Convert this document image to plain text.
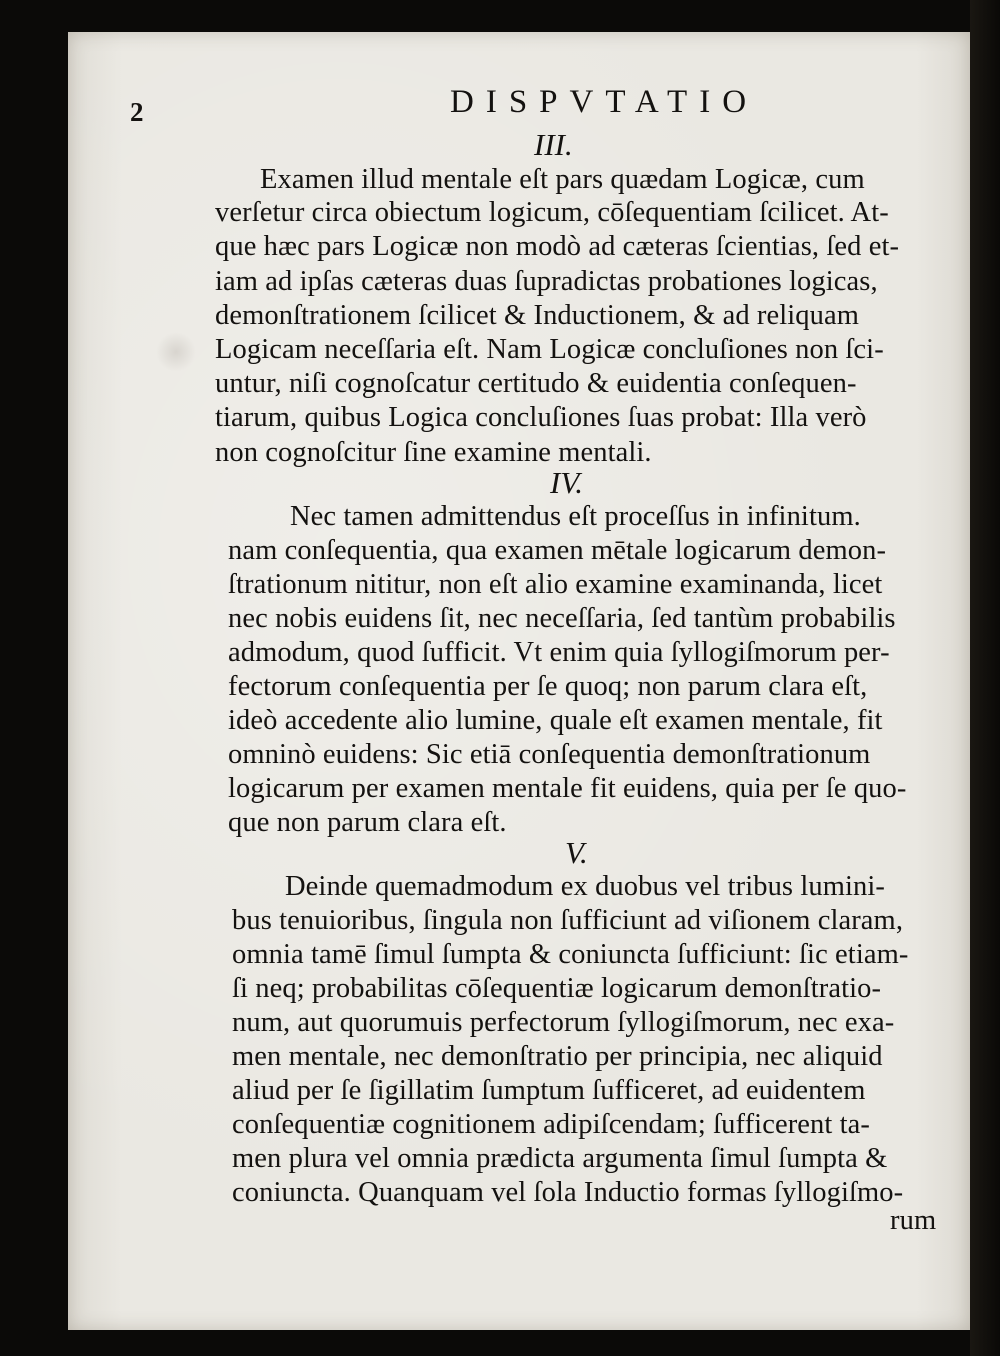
2	DISPVTATIO
III.
Examen illud mentale eſt pars quædam Logicæ, cum
verſetur circa obiectum logicum, cōſequentiam ſcilicet. At-
que hæc pars Logicæ non modò ad cæteras ſcientias, ſed et-
iam ad ipſas cæteras duas ſupradictas probationes logicas,
demonſtrationem ſcilicet & Inductionem, & ad reliquam
Logicam neceſſaria eſt. Nam Logicæ concluſiones non ſci-
untur, niſi cognoſcatur certitudo & euidentia conſequen-
tiarum, quibus Logica concluſiones ſuas probat: Illa verò
non cognoſcitur ſine examine mentali.
IV.
Nec tamen admittendus eſt proceſſus in infinitum.
nam conſequentia, qua examen mētale logicarum demon-
ſtrationum nititur, non eſt alio examine examinanda, licet
nec nobis euidens ſit, nec neceſſaria, ſed tantùm probabilis
admodum, quod ſufficit. Vt enim quia ſyllogiſmorum per-
fectorum conſequentia per ſe quoq; non parum clara eſt,
ideò accedente alio lumine, quale eſt examen mentale, fit
omninò euidens: Sic etiā conſequentia demonſtrationum
logicarum per examen mentale fit euidens, quia per ſe quo-
que non parum clara eſt.
V.
Deinde quemadmodum ex duobus vel tribus lumini-
bus tenuioribus, ſingula non ſufficiunt ad viſionem claram,
omnia tamē ſimul ſumpta & coniuncta ſufficiunt: ſic etiam-
ſi neq; probabilitas cōſequentiæ logicarum demonſtratio-
num, aut quorumuis perfectorum ſyllogiſmorum, nec exa-
men mentale, nec demonſtratio per principia, nec aliquid
aliud per ſe ſigillatim ſumptum ſufficeret, ad euidentem
conſequentiæ cognitionem adipiſcendam; ſufficerent ta-
men plura vel omnia prædicta argumenta ſimul ſumpta &
coniuncta. Quanquam vel ſola Inductio formas ſyllogiſmo-
rum
